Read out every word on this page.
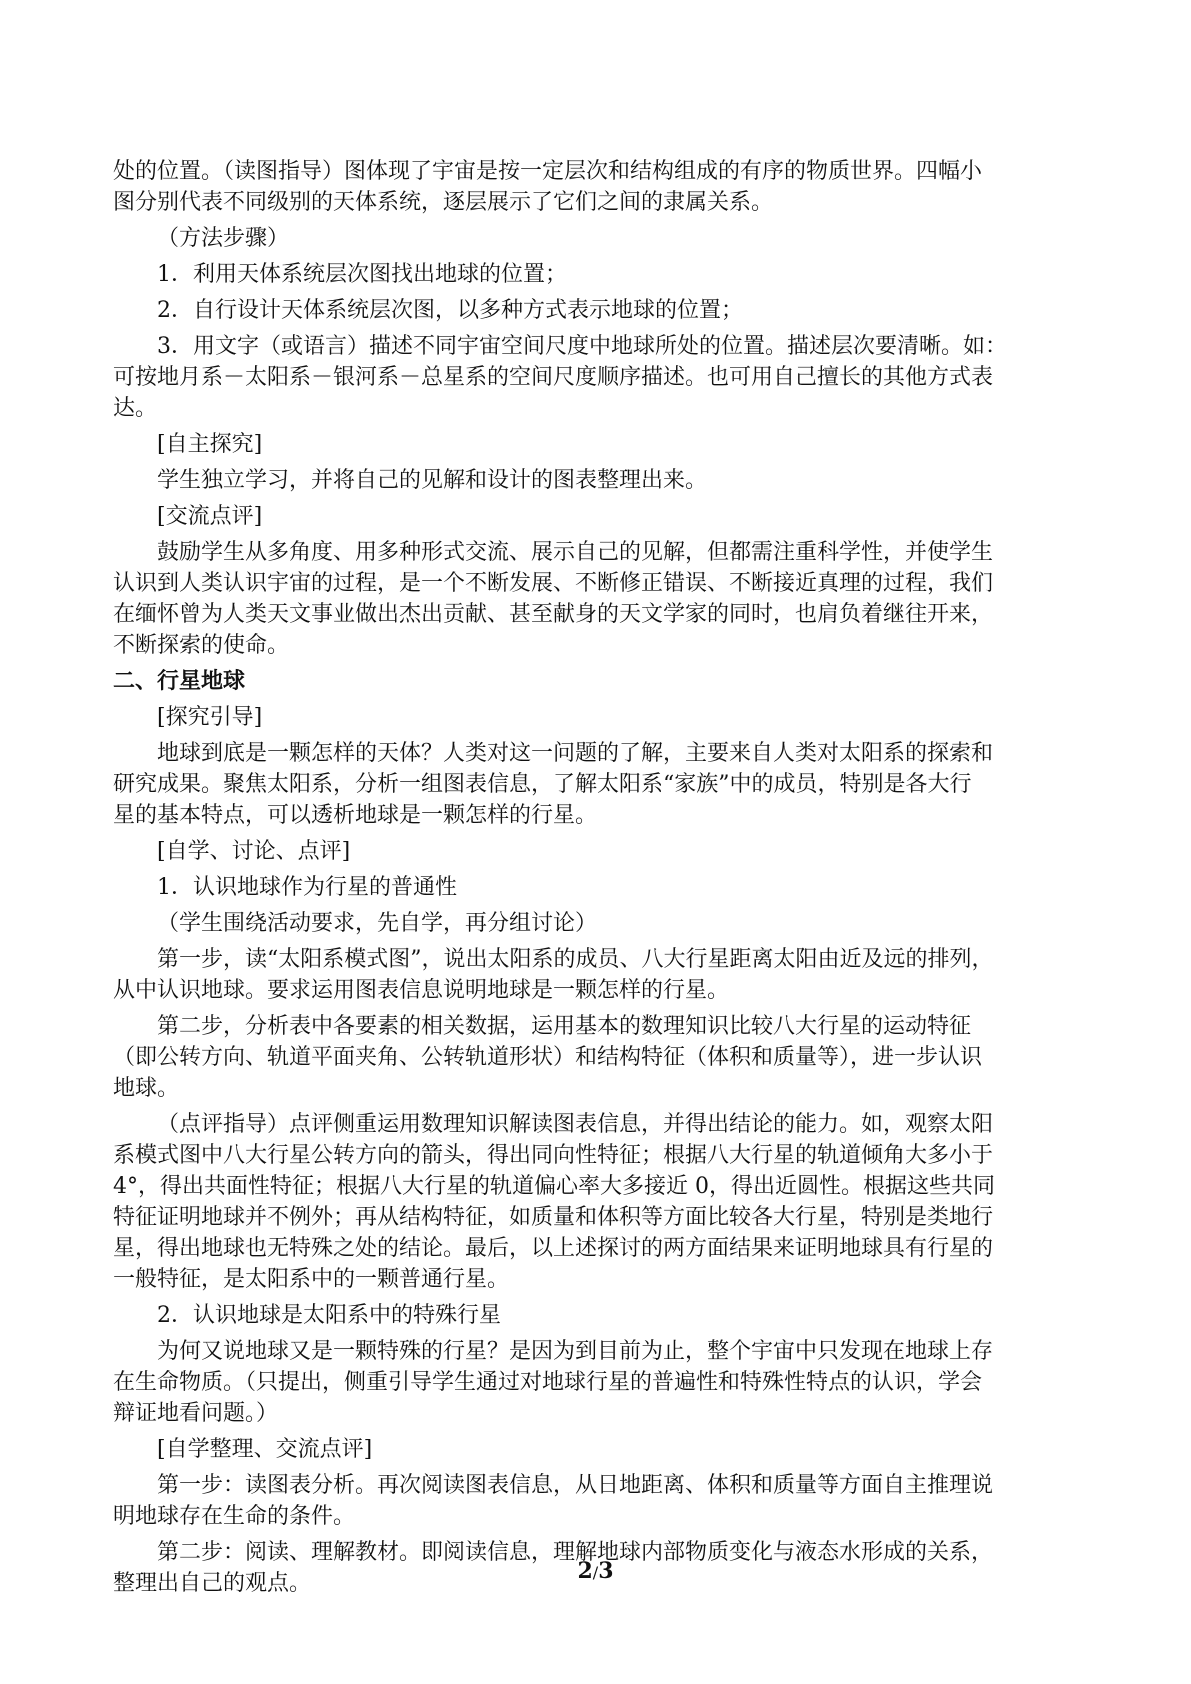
处的位置。（读图指导）图体现了宇宙是按一定层次和结构组成的有序的物质世界。四幅小
图分别代表不同级别的天体系统，逐层展示了它们之间的隶属关系。
（方法步骤）
1．利用天体系统层次图找出地球的位置；
2．自行设计天体系统层次图，以多种方式表示地球的位置；
3．用文字（或语言）描述不同宇宙空间尺度中地球所处的位置。描述层次要清晰。如：
可按地月系－太阳系－银河系－总星系的空间尺度顺序描述。也可用自己擅长的其他方式表
达。
[自主探究]
学生独立学习，并将自己的见解和设计的图表整理出来。
[交流点评]
鼓励学生从多角度、用多种形式交流、展示自己的见解，但都需注重科学性，并使学生
认识到人类认识宇宙的过程，是一个不断发展、不断修正错误、不断接近真理的过程，我们
在缅怀曾为人类天文事业做出杰出贡献、甚至献身的天文学家的同时，也肩负着继往开来，
不断探索的使命。
二、行星地球
[探究引导]
地球到底是一颗怎样的天体？人类对这一问题的了解，主要来自人类对太阳系的探索和
研究成果。聚焦太阳系，分析一组图表信息，了解太阳系“家族”中的成员，特别是各大行
星的基本特点，可以透析地球是一颗怎样的行星。
[自学、讨论、点评]
1．认识地球作为行星的普通性
（学生围绕活动要求，先自学，再分组讨论）
第一步，读“太阳系模式图”，说出太阳系的成员、八大行星距离太阳由近及远的排列，
从中认识地球。要求运用图表信息说明地球是一颗怎样的行星。
第二步，分析表中各要素的相关数据，运用基本的数理知识比较八大行星的运动特征
（即公转方向、轨道平面夹角、公转轨道形状）和结构特征（体积和质量等），进一步认识
地球。
（点评指导）点评侧重运用数理知识解读图表信息，并得出结论的能力。如，观察太阳
系模式图中八大行星公转方向的箭头，得出同向性特征；根据八大行星的轨道倾角大多小于
4°，得出共面性特征；根据八大行星的轨道偏心率大多接近 0，得出近圆性。根据这些共同
特征证明地球并不例外；再从结构特征，如质量和体积等方面比较各大行星，特别是类地行
星，得出地球也无特殊之处的结论。最后，以上述探讨的两方面结果来证明地球具有行星的
一般特征，是太阳系中的一颗普通行星。
2．认识地球是太阳系中的特殊行星
为何又说地球又是一颗特殊的行星？是因为到目前为止，整个宇宙中只发现在地球上存
在生命物质。（只提出，侧重引导学生通过对地球行星的普遍性和特殊性特点的认识，学会
辩证地看问题。）
[自学整理、交流点评]
第一步：读图表分析。再次阅读图表信息，从日地距离、体积和质量等方面自主推理说
明地球存在生命的条件。
第二步：阅读、理解教材。即阅读信息，理解地球内部物质变化与液态水形成的关系，
整理出自己的观点。	2/3
